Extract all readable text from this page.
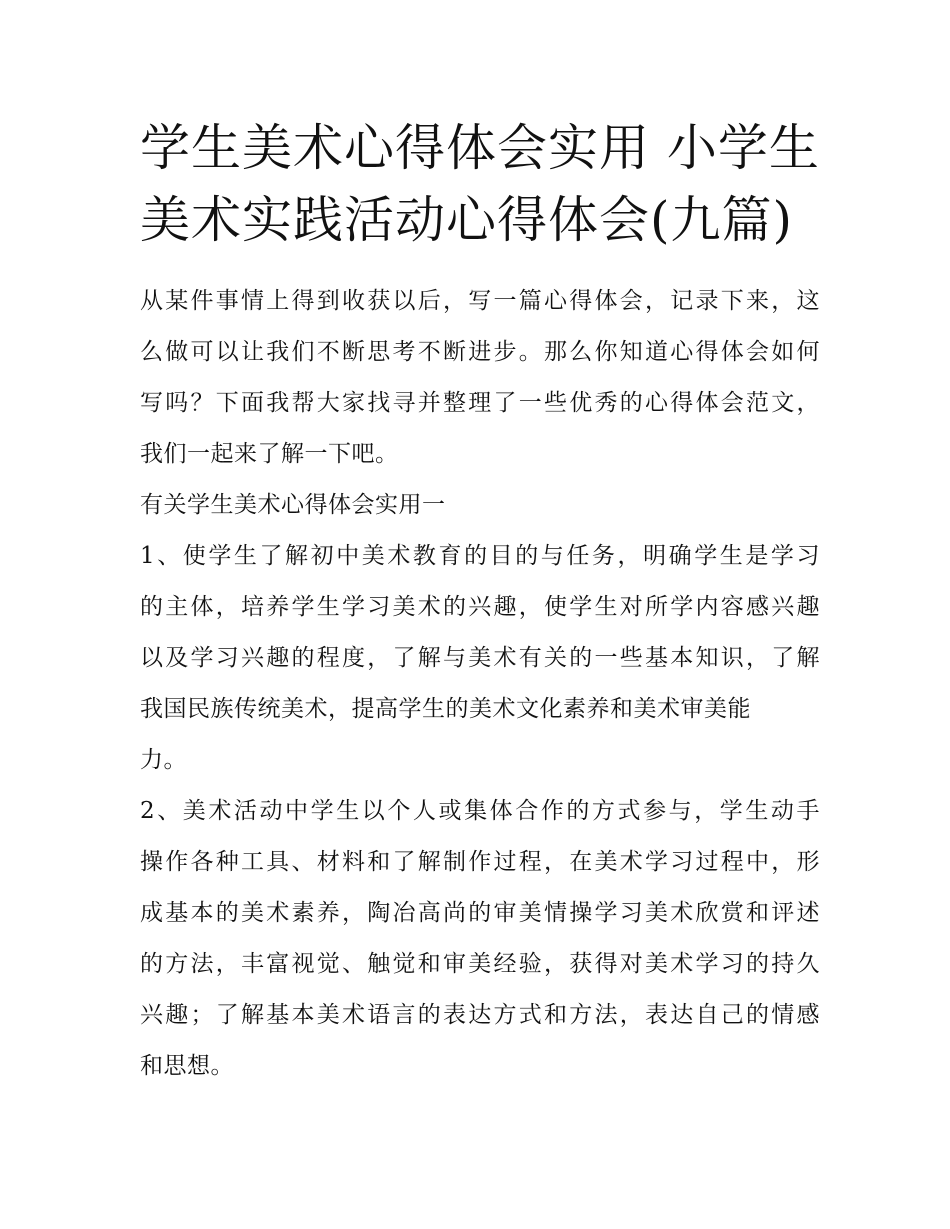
学生美术心得体会实用 小学生
美术实践活动心得体会(九篇)
从某件事情上得到收获以后，写一篇心得体会，记录下来，这
么做可以让我们不断思考不断进步。那么你知道心得体会如何
写吗？下面我帮大家找寻并整理了一些优秀的心得体会范文，
我们一起来了解一下吧。
有关学生美术心得体会实用一
1、使学生了解初中美术教育的目的与任务，明确学生是学习
的主体，培养学生学习美术的兴趣，使学生对所学内容感兴趣
以及学习兴趣的程度，了解与美术有关的一些基本知识，了解
我国民族传统美术，提高学生的美术文化素养和美术审美能
力。
2、美术活动中学生以个人或集体合作的方式参与，学生动手
操作各种工具、材料和了解制作过程，在美术学习过程中，形
成基本的美术素养，陶冶高尚的审美情操学习美术欣赏和评述
的方法，丰富视觉、触觉和审美经验，获得对美术学习的持久
兴趣；了解基本美术语言的表达方式和方法，表达自己的情感
和思想。
